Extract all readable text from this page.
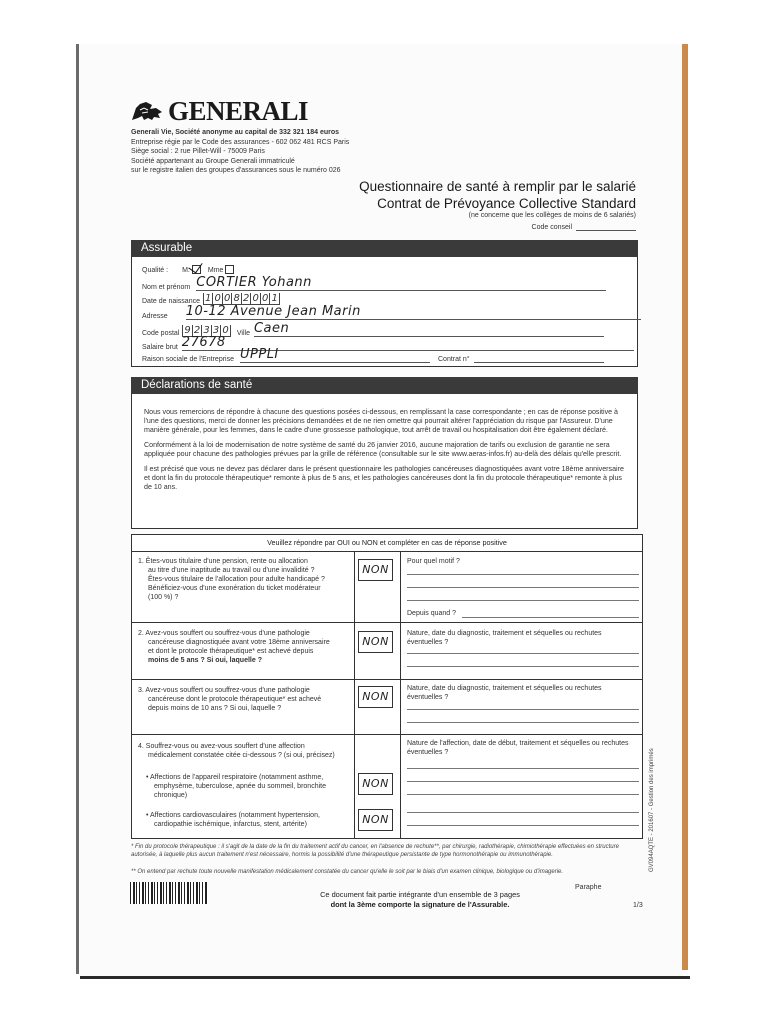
GENERALI
Generali Vie, Société anonyme au capital de 332 321 184 euros
Entreprise régie par le Code des assurances - 602 062 481 RCS Paris
Siège social : 2 rue Pillet-Will - 75009 Paris
Société appartenant au Groupe Generali immatriculé
sur le registre italien des groupes d'assurances sous le numéro 026
Questionnaire de santé à remplir par le salarié
Contrat de Prévoyance Collective Standard
(ne concerne que les collèges de moins de 6 salariés)
Code conseil
Assurable
Qualité : M.	Mme
Nom et prénom CORTIER Yohann
Date de naissance 1 0 0 8 2 0 0 1
Adresse 10-12 Avenue Jean Marin
Code postal 9 2 3 3 0 Ville Caen
Salaire brut 27678
Raison sociale de l'Entreprise UPPLI	Contrat n°
Déclarations de santé

Nous vous remercions de répondre à chacune des questions posées ci-dessous, en remplissant la case correspondante ; en cas de réponse positive à l'une des questions, merci de donner les précisions demandées et de ne rien omettre qui pourrait altérer l'appréciation du risque par l'Assureur. D'une manière générale, pour les femmes, dans le cadre d'une grossesse pathologique, tout arrêt de travail ou hospitalisation doit être également déclaré.

Conformément à la loi de modernisation de notre système de santé du 26 janvier 2016, aucune majoration de tarifs ou exclusion de garantie ne sera appliquée pour chacune des pathologies prévues par la grille de référence (consultable sur le site www.aeras-infos.fr) au-delà des délais qu'elle prescrit.

Il est précisé que vous ne devez pas déclarer dans le présent questionnaire les pathologies cancéreuses diagnostiquées avant votre 18ème anniversaire et dont la fin du protocole thérapeutique* remonte à plus de 5 ans, et les pathologies cancéreuses dont la fin du protocole thérapeutique* remonte à plus de 10 ans.

Veuillez répondre par OUI ou NON et compléter en cas de réponse positive
1. Êtes-vous titulaire d'une pension, rente ou allocation
au titre d'une inaptitude au travail ou d'une invalidité ?
Êtes-vous titulaire de l'allocation pour adulte handicapé ?
Bénéficiez-vous d'une exonération du ticket modérateur
(100 %) ?
NON
Pour quel motif ?
Depuis quand ?
2. Avez-vous souffert ou souffrez-vous d'une pathologie
cancéreuse diagnostiquée avant votre 18ème anniversaire
et dont le protocole thérapeutique* est achevé depuis
moins de 5 ans ? Si oui, laquelle ?
NON
Nature, date du diagnostic, traitement et séquelles ou rechutes éventuelles ?
3. Avez-vous souffert ou souffrez-vous d'une pathologie
cancéreuse dont le protocole thérapeutique* est achevé
depuis moins de 10 ans ? Si oui, laquelle ?
NON
Nature, date du diagnostic, traitement et séquelles ou rechutes éventuelles ?
4. Souffrez-vous ou avez-vous souffert d'une affection
médicalement constatée citée ci-dessous ? (si oui, précisez)
Nature de l'affection, date de début, traitement et séquelles ou rechutes éventuelles ?
• Affections de l'appareil respiratoire (notamment asthme,
emphysème, tuberculose, apnée du sommeil, bronchite
chronique)
NON
• Affections cardiovasculaires (notamment hypertension,
cardiopathie ischémique, infarctus, stent, artérite)	NON
* Fin du protocole thérapeutique : il s'agit de la date de la fin du traitement actif du cancer, en l'absence de rechute**, par chirurgie, radiothérapie, chimiothérapie effectuées en structure autorisée, à laquelle plus aucun traitement n'est nécessaire, hormis la possibilité d'une thérapeutique persistante de type hormonothérapie ou immunothérapie.
** On entend par rechute toute nouvelle manifestation médicalement constatée du cancer qu'elle le soit par le biais d'un examen clinique, biologique ou d'imagerie.
Ce document fait partie intégrante d'un ensemble de 3 pages
dont la 3ème comporte la signature de l'Assurable.
Paraphe
1/3
GV094AQTE - 201607 - Gestion des imprimés
